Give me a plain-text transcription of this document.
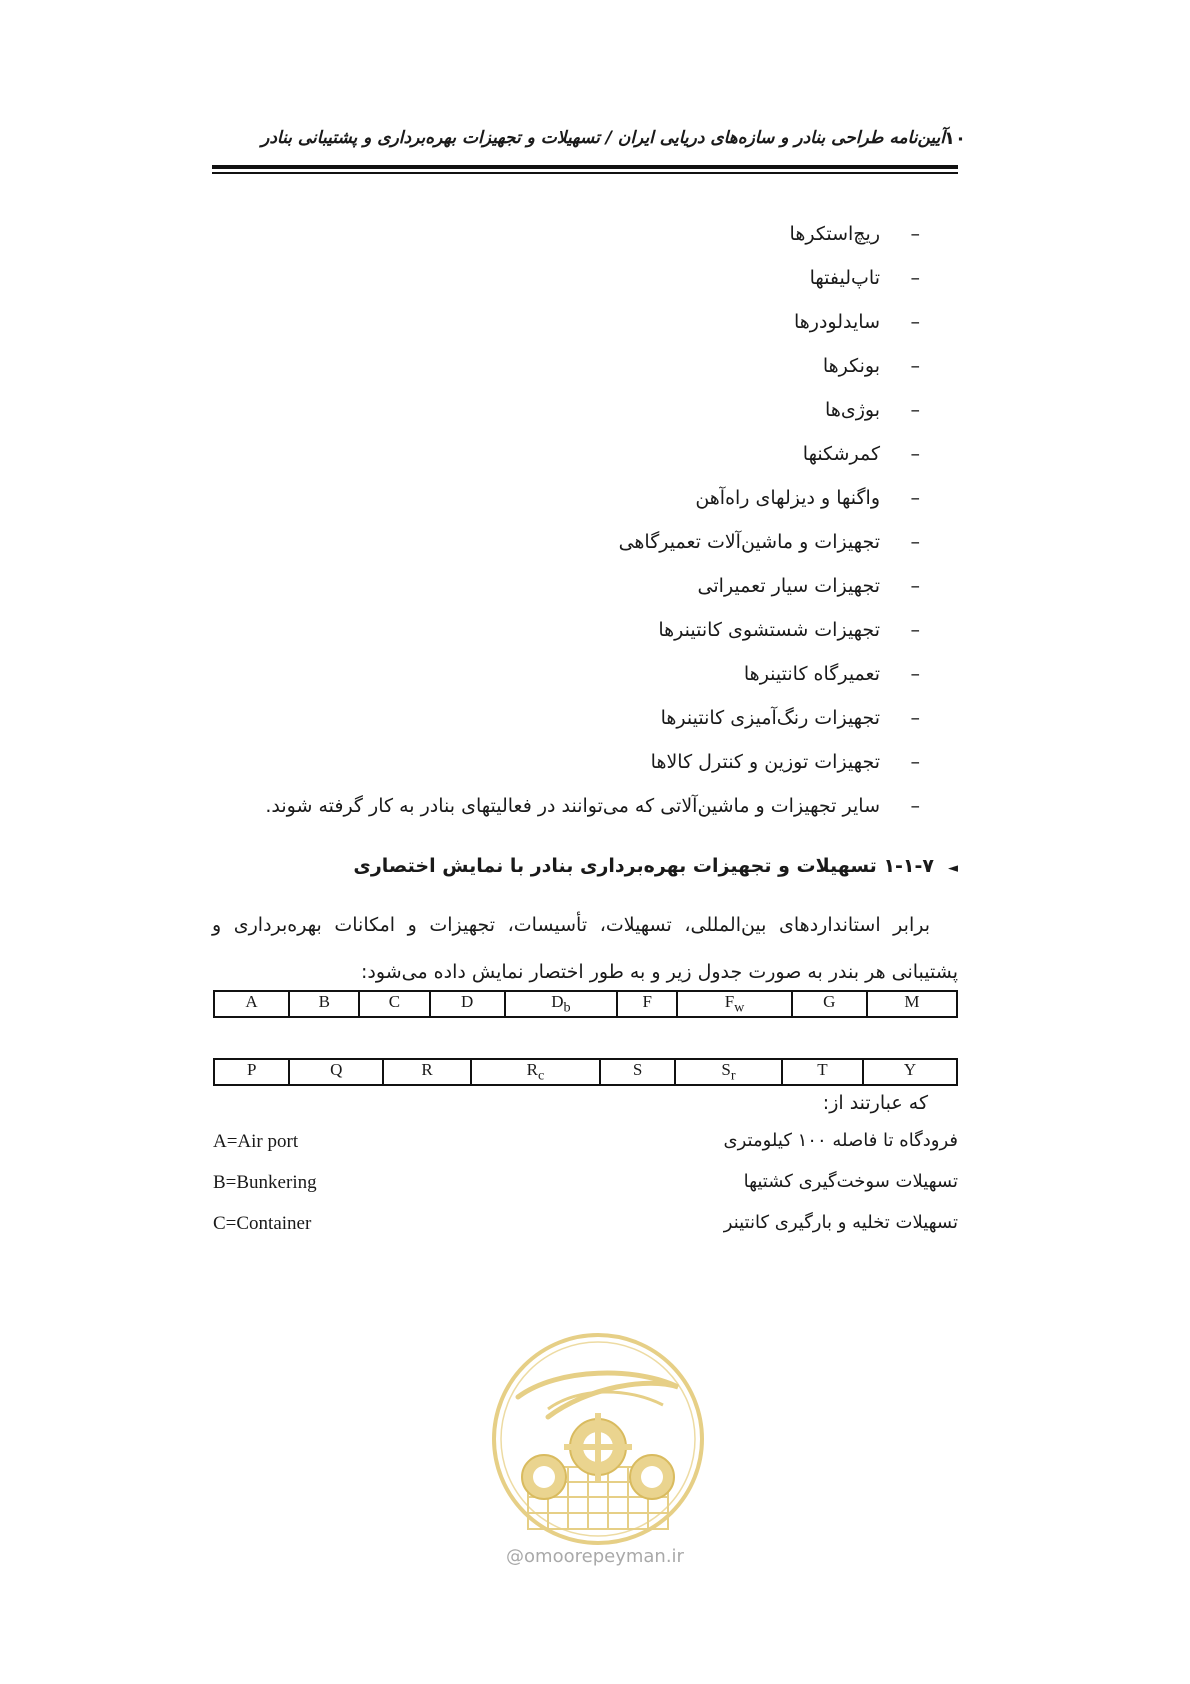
۱۰
آیین‌نامه طراحی بنادر و سازه‌های دریایی ایران / تسهیلات و تجهیزات بهره‌برداری و پشتیبانی بنادر
–
ریچ‌استکرها
–
تاپ‌لیفتها
–
سایدلودرها
–
بونکرها
–
بوژی‌ها
–
کمرشکنها
–
واگنها و دیزلهای راه‌آهن
–
تجهیزات و ماشین‌آلات تعمیرگاهی
–
تجهیزات سیار تعمیراتی
–
تجهیزات شستشوی کانتینرها
–
تعمیرگاه کانتینرها
–
تجهیزات رنگ‌آمیزی کانتینرها
–
تجهیزات توزین و کنترل کالاها
–
سایر تجهیزات و ماشین‌آلاتی که می‌توانند در فعالیتهای بنادر به کار گرفته شوند.
◄۱-۱-۷ تسهیلات و تجهیزات بهره‌برداری بنادر با نمایش اختصاری
برابر استانداردهای بین‌المللی، تسهیلات، تأسیسات، تجهیزات و امکانات بهره‌برداری و پشتیبانی هر بندر به صورت جدول زیر و به طور اختصار نمایش داده می‌شود:
A	B	C	D	$D_b$	F	$F_w$	G	M
P	Q	R	$R_c$	S	$S_r$	T	Y
که عبارتند از:
فرودگاه تا فاصله ۱۰۰ کیلومتری
A=Air port
تسهیلات سوخت‌گیری کشتیها
B=Bunkering
تسهیلات تخلیه و بارگیری کانتینر
C=Container
@omoorepeyman.ir
